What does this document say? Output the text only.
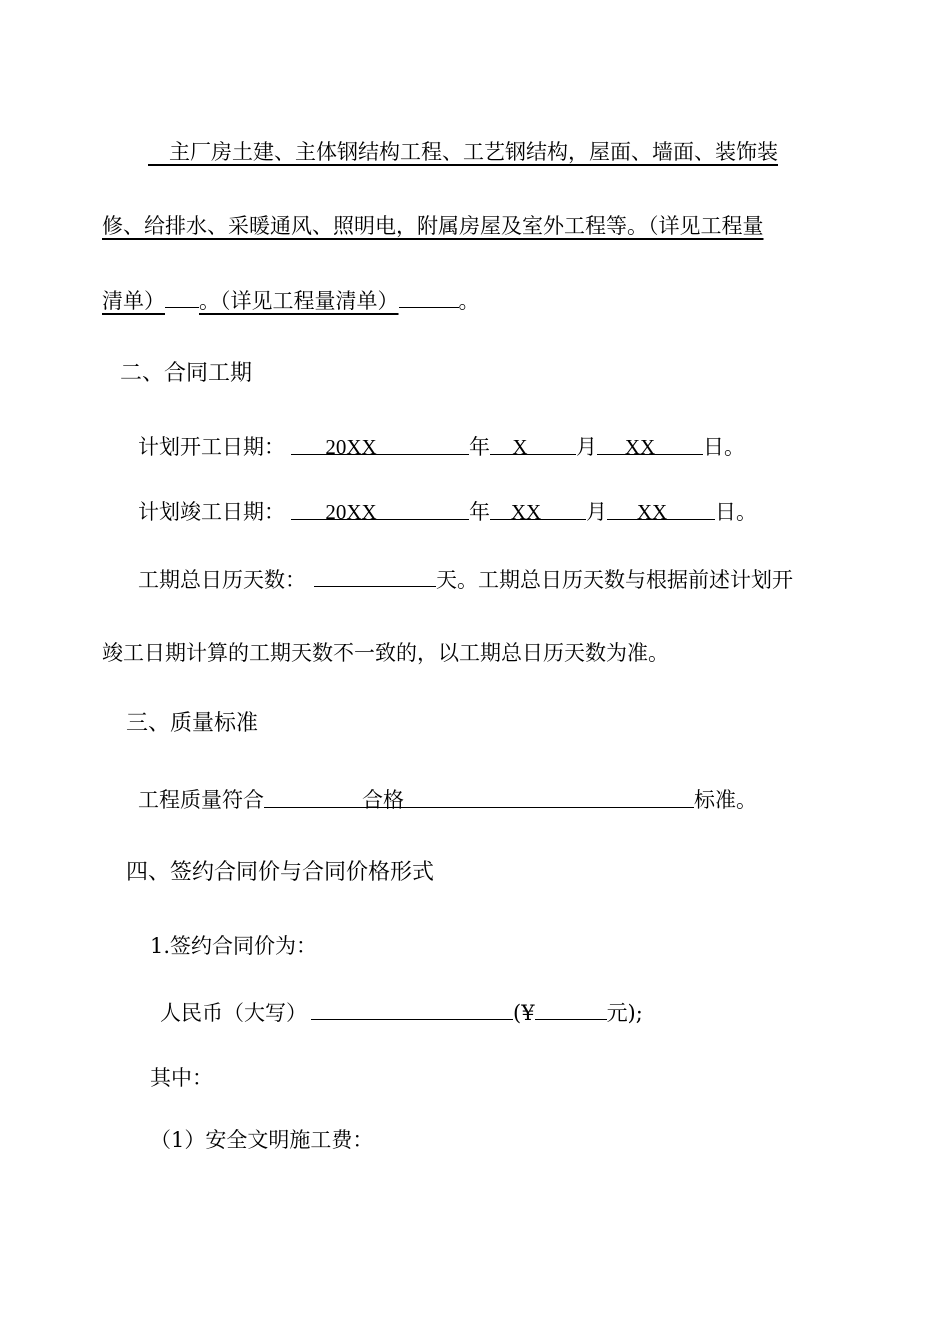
　主厂房土建、主体钢结构工程、工艺钢结构，屋面、墙面、装饰装
修、给排水、采暖通风、照明电，附属房屋及室外工程等。（详见工程量
清单） 。（详见工程量清单）	。
二、合同工期
计划开工日期： 20XX	年 X 月 XX 日。
计划竣工日期： 20XX	年 XX 月 XX 日。
工期总日历天数：	天。工期总日历天数与根据前述计划开
竣工日期计算的工期天数不一致的，以工期总日历天数为准。
三、质量标准
工程质量符合	合格	标准。
四、签约合同价与合同价格形式
1.签约合同价为：
人民币（大写）	(¥	元);
其中：
（1）安全文明施工费：
